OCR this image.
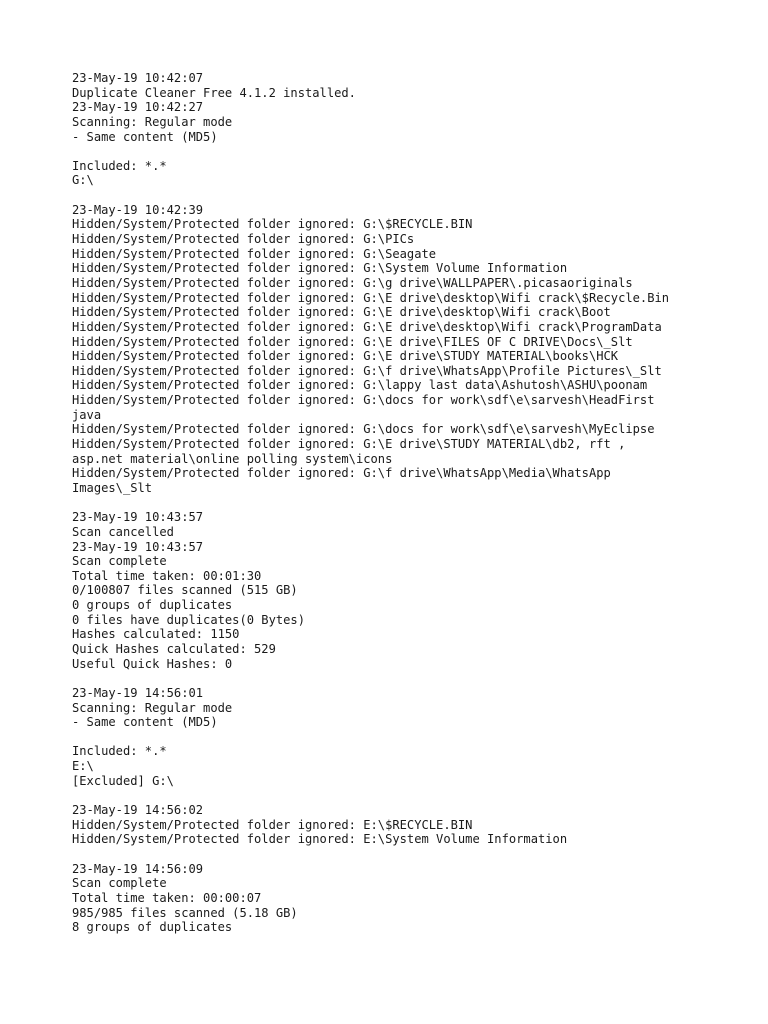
23-May-19 10:42:07
Duplicate Cleaner Free 4.1.2 installed.
23-May-19 10:42:27
Scanning: Regular mode
- Same content (MD5)
Included: *.*
G:\
23-May-19 10:42:39
Hidden/System/Protected folder ignored: G:\$RECYCLE.BIN
Hidden/System/Protected folder ignored: G:\PICs
Hidden/System/Protected folder ignored: G:\Seagate
Hidden/System/Protected folder ignored: G:\System Volume Information
Hidden/System/Protected folder ignored: G:\g drive\WALLPAPER\.picasaoriginals
Hidden/System/Protected folder ignored: G:\E drive\desktop\Wifi crack\$Recycle.Bin
Hidden/System/Protected folder ignored: G:\E drive\desktop\Wifi crack\Boot
Hidden/System/Protected folder ignored: G:\E drive\desktop\Wifi crack\ProgramData
Hidden/System/Protected folder ignored: G:\E drive\FILES OF C DRIVE\Docs\_Slt
Hidden/System/Protected folder ignored: G:\E drive\STUDY MATERIAL\books\HCK
Hidden/System/Protected folder ignored: G:\f drive\WhatsApp\Profile Pictures\_Slt
Hidden/System/Protected folder ignored: G:\lappy last data\Ashutosh\ASHU\poonam
Hidden/System/Protected folder ignored: G:\docs for work\sdf\e\sarvesh\HeadFirst
java
Hidden/System/Protected folder ignored: G:\docs for work\sdf\e\sarvesh\MyEclipse
Hidden/System/Protected folder ignored: G:\E drive\STUDY MATERIAL\db2, rft ,
asp.net material\online polling system\icons
Hidden/System/Protected folder ignored: G:\f drive\WhatsApp\Media\WhatsApp
Images\_Slt
23-May-19 10:43:57
Scan cancelled
23-May-19 10:43:57
Scan complete
Total time taken: 00:01:30
0/100807 files scanned (515 GB)
0 groups of duplicates
0 files have duplicates(0 Bytes)
Hashes calculated: 1150
Quick Hashes calculated: 529
Useful Quick Hashes: 0
23-May-19 14:56:01
Scanning: Regular mode
- Same content (MD5)
Included: *.*
E:\
[Excluded] G:\
23-May-19 14:56:02
Hidden/System/Protected folder ignored: E:\$RECYCLE.BIN
Hidden/System/Protected folder ignored: E:\System Volume Information
23-May-19 14:56:09
Scan complete
Total time taken: 00:00:07
985/985 files scanned (5.18 GB)
8 groups of duplicates
